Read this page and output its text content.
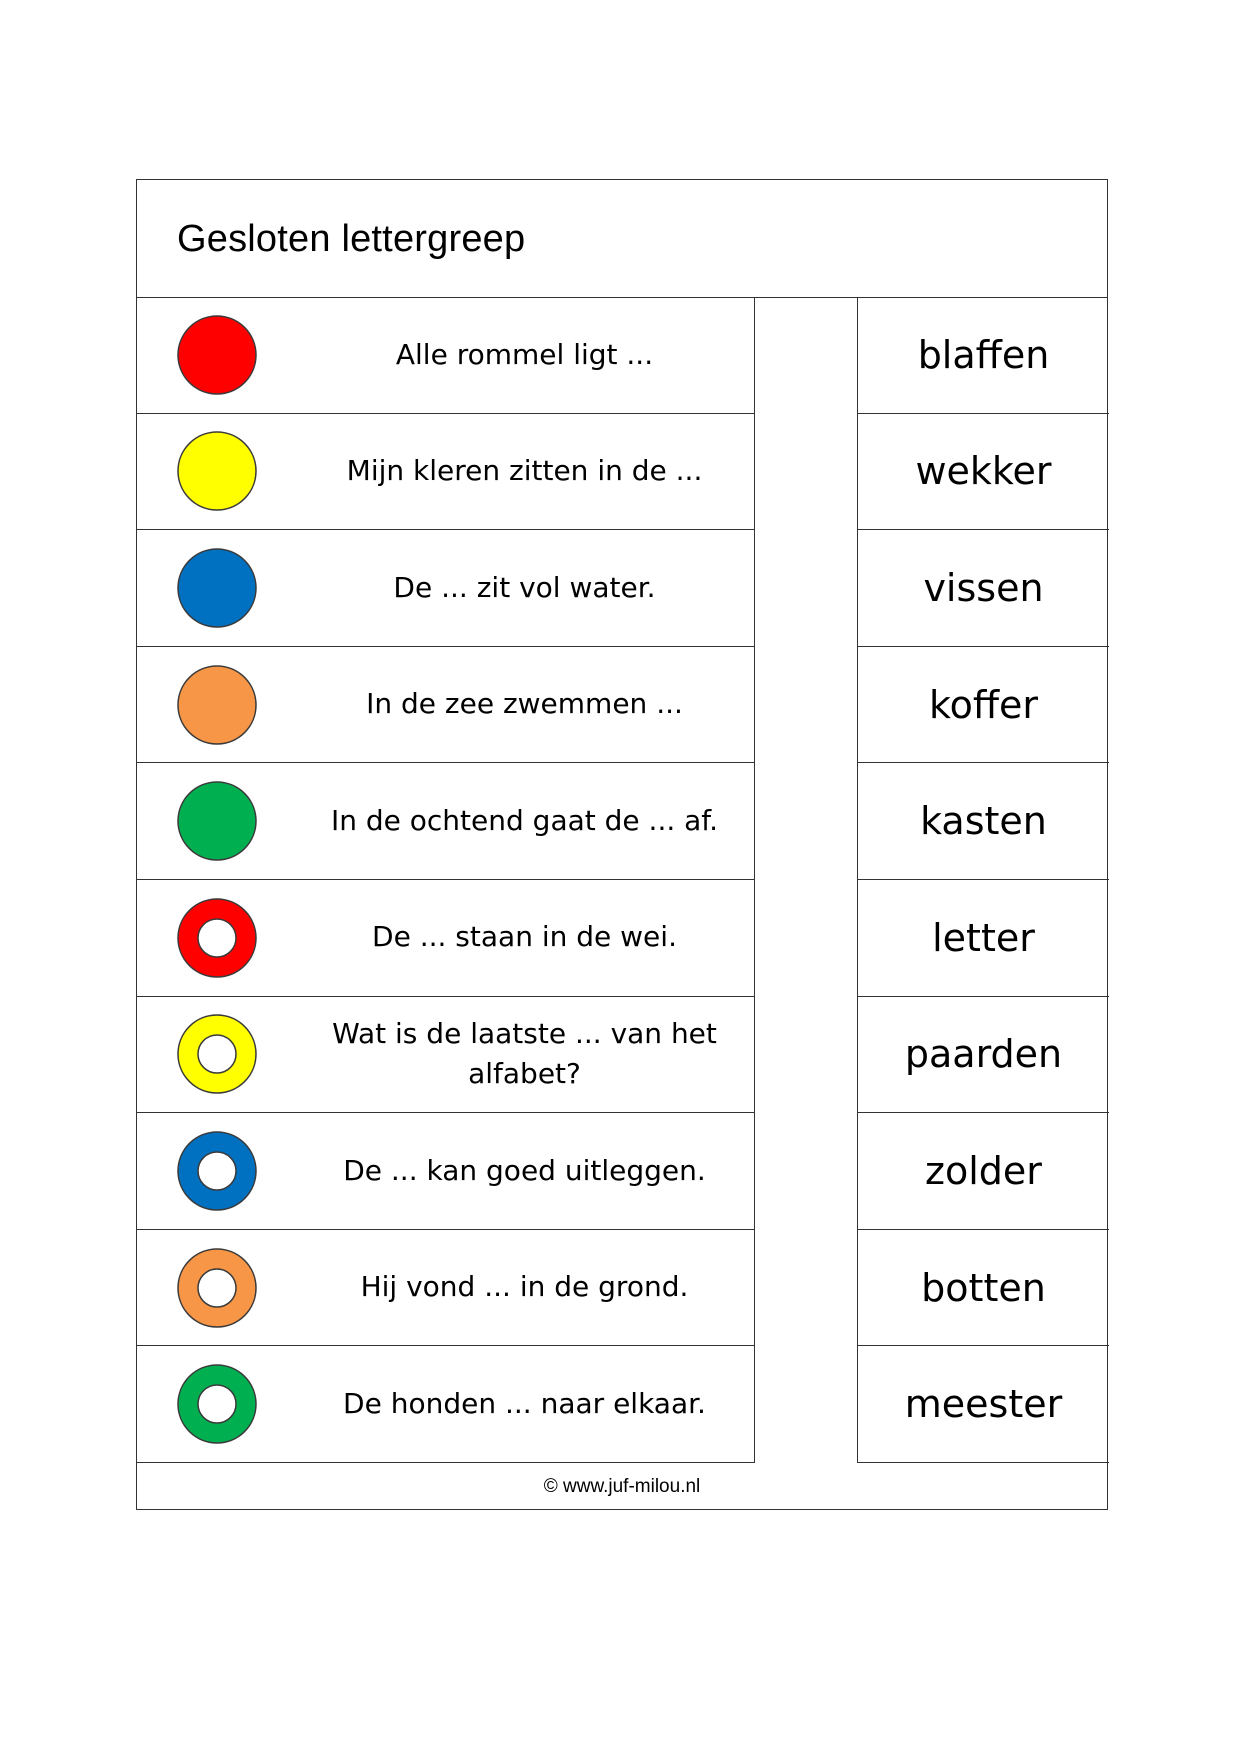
Gesloten lettergreep
Alle rommel ligt ...
Mijn kleren zitten in de ...
De ... zit vol water.
In de zee zwemmen ...
In de ochtend gaat de ... af.
De ... staan in de wei.
Wat is de laatste ... van het alfabet?
De ... kan goed uitleggen.
Hij vond ... in de grond.
De honden ... naar elkaar.
blaffen
wekker
vissen
koffer
kasten
letter
paarden
zolder
botten
meester
© www.juf-milou.nl
